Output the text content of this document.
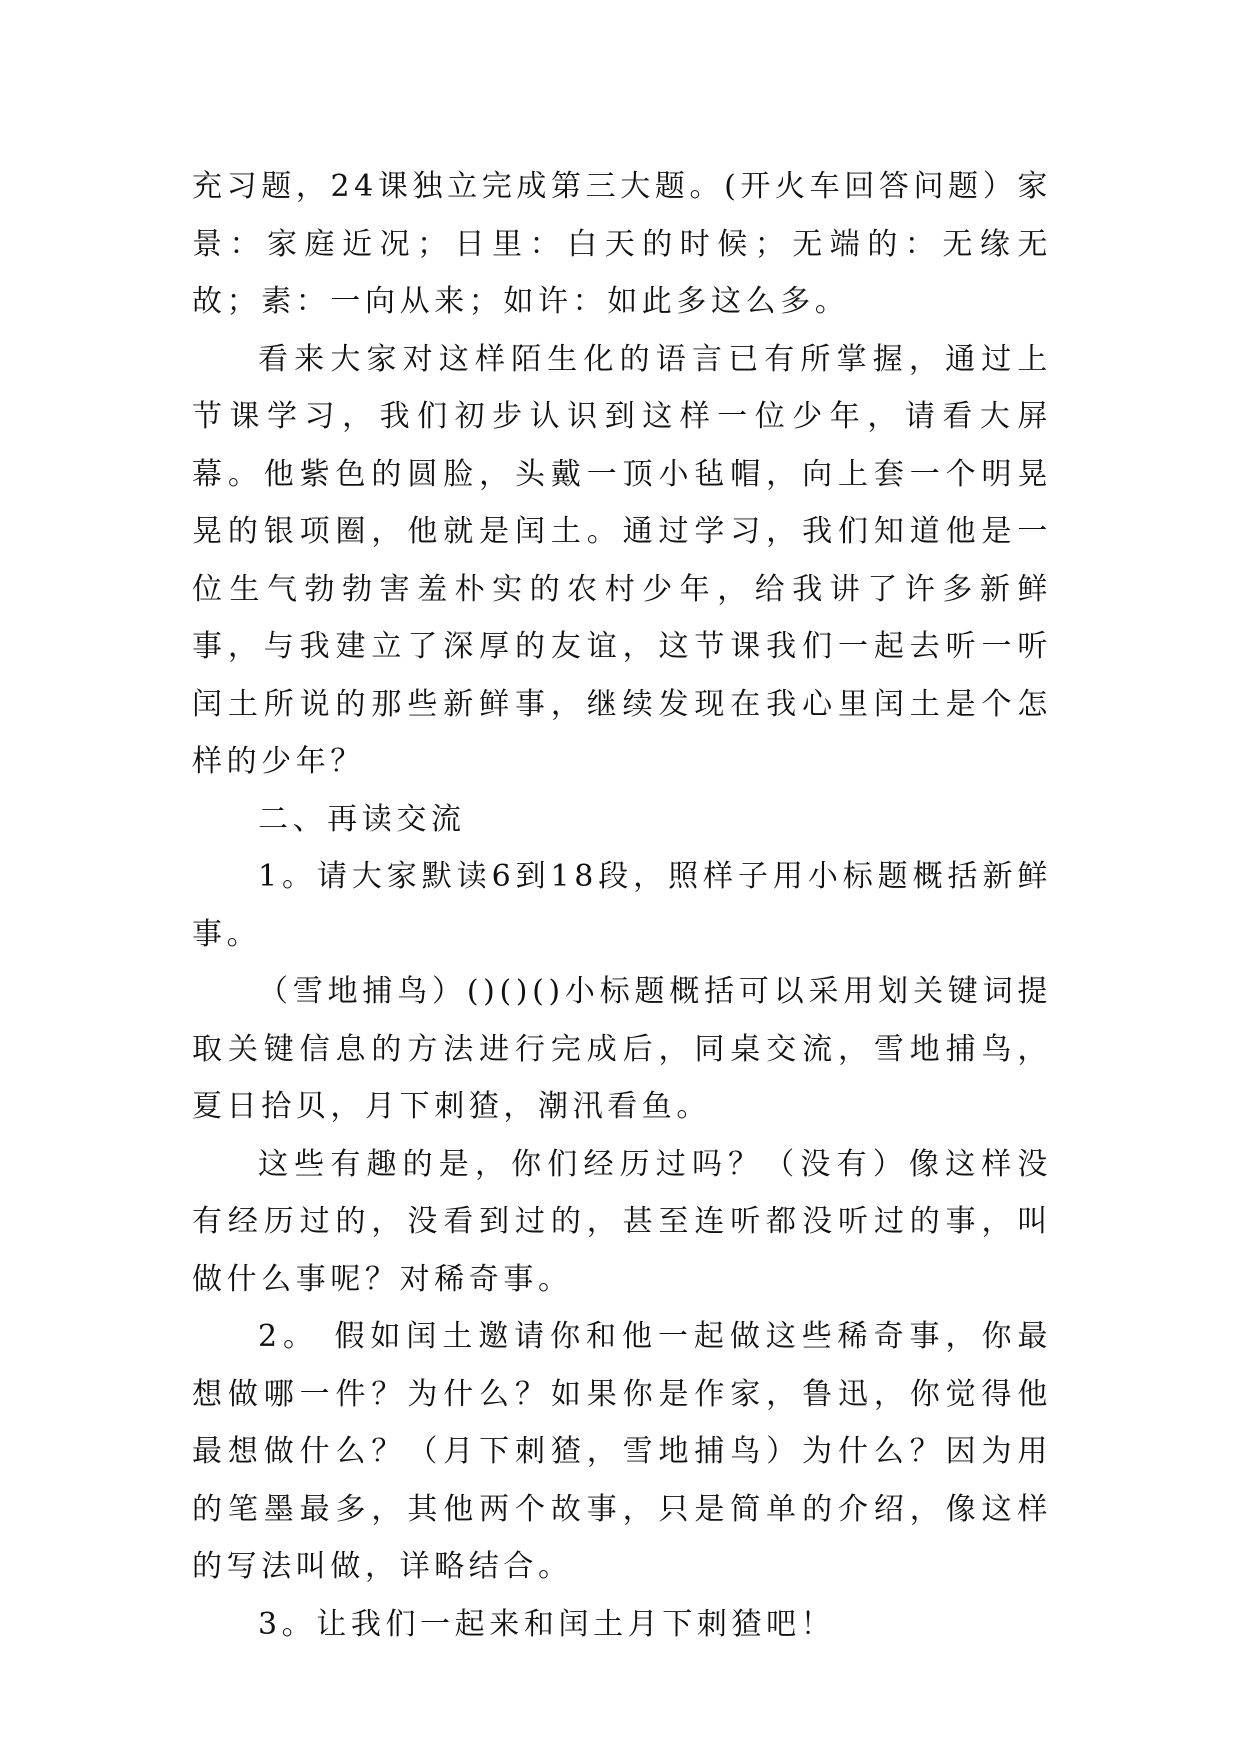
充习题，24课独立完成第三大题。(开火车回答问题）家景：家庭近况；日里：白天的时候；无端的：无缘无故；素：一向从来；如许：如此多这么多。

看来大家对这样陌生化的语言已有所掌握，通过上节课学习，我们初步认识到这样一位少年，请看大屏幕。他紫色的圆脸，头戴一顶小毡帽，向上套一个明晃晃的银项圈，他就是闰土。通过学习，我们知道他是一位生气勃勃害羞朴实的农村少年，给我讲了许多新鲜事，与我建立了深厚的友谊，这节课我们一起去听一听闰土所说的那些新鲜事，继续发现在我心里闰土是个怎样的少年？

二、再读交流

1。请大家默读6到18段，照样子用小标题概括新鲜事。

（雪地捕鸟）()()()小标题概括可以采用划关键词提取关键信息的方法进行完成后，同桌交流，雪地捕鸟，夏日拾贝，月下刺猹，潮汛看鱼。

这些有趣的是，你们经历过吗？（没有）像这样没有经历过的，没看到过的，甚至连听都没听过的事，叫做什么事呢？对稀奇事。

2。 假如闰土邀请你和他一起做这些稀奇事，你最想做哪一件？为什么？如果你是作家，鲁迅，你觉得他最想做什么？（月下刺猹，雪地捕鸟）为什么？因为用的笔墨最多，其他两个故事，只是简单的介绍，像这样的写法叫做，详略结合。

3。让我们一起来和闰土月下刺猹吧！
